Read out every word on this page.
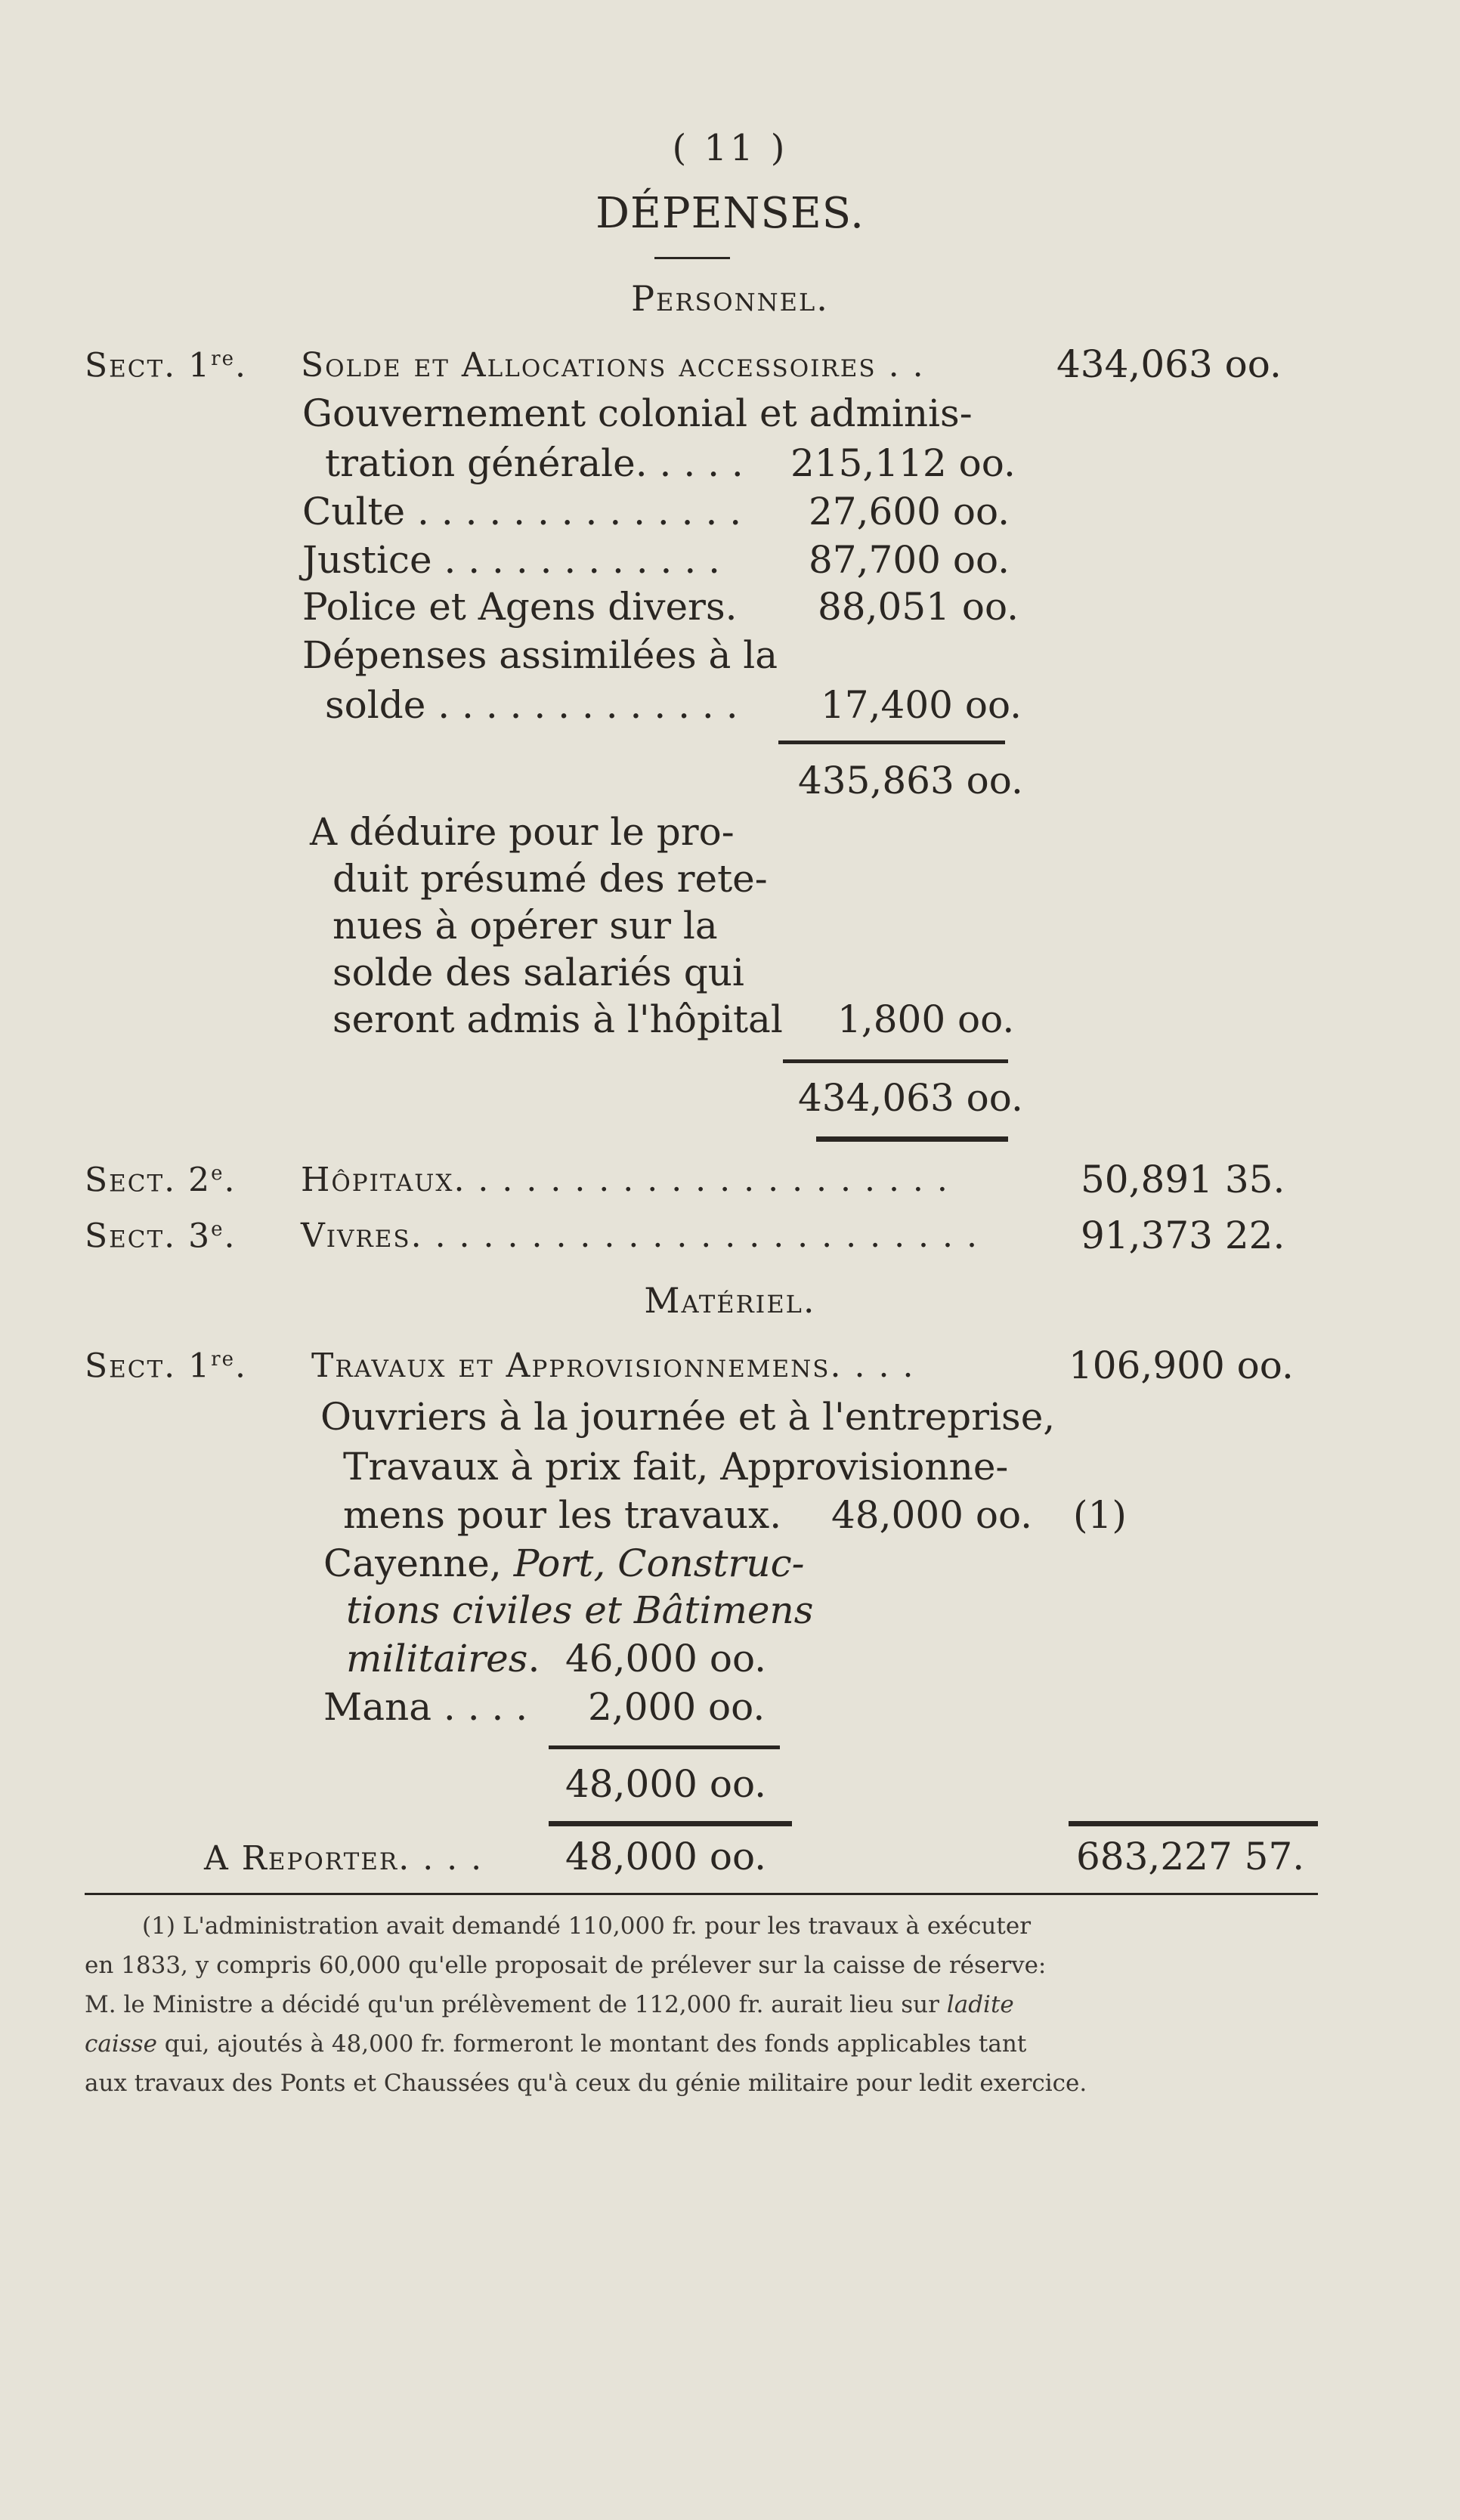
( 11 )
DÉPENSES.
Personnel.
Sect. 1re. Solde et Allocations accessoires . .	434,063 oo.
Gouvernement colonial et adminis-
tration générale. . . . . 215,112 oo.
Culte . . . . . . . . . . . . . . 27,600 oo.
Justice . . . . . . . . . . . . 87,700 oo.
Police et Agens divers. 88,051 oo.
Dépenses assimilées à la
solde . . . . . . . . . . . . . 17,400 oo.
435,863 oo.
A déduire pour le pro-
duit présumé des rete-
nues à opérer sur la
solde des salariés qui
seront admis à l'hôpital 1,800 oo.
434,063 oo.
Sect. 2e. Hôpitaux. . . . . . . . . . . . . . . . . . . . .	50,891 35.
Sect. 3e. Vivres. . . . . . . . . . . . . . . . . . . . . . . .	91,373 22.
Matériel.
Sect. 1re. Travaux et Approvisionnemens. . . .	106,900 oo.
Ouvriers à la journée et à l'entreprise,
Travaux à prix fait, Approvisionne-
mens pour les travaux. 48,000 oo. (1)
Cayenne, Port, Construc-
tions civiles et Bâtimens
militaires. 46,000 oo.
Mana . . . . 2,000 oo.
48,000 oo.
A Reporter. . . . 48,000 oo.	683,227 57.
(1) L'administration avait demandé 110,000 fr. pour les travaux à exécuter
en 1833, y compris 60,000 qu'elle proposait de prélever sur la caisse de réserve:
M. le Ministre a décidé qu'un prélèvement de 112,000 fr. aurait lieu sur ladite
caisse qui, ajoutés à 48,000 fr. formeront le montant des fonds applicables tant
aux travaux des Ponts et Chaussées qu'à ceux du génie militaire pour ledit exercice.
